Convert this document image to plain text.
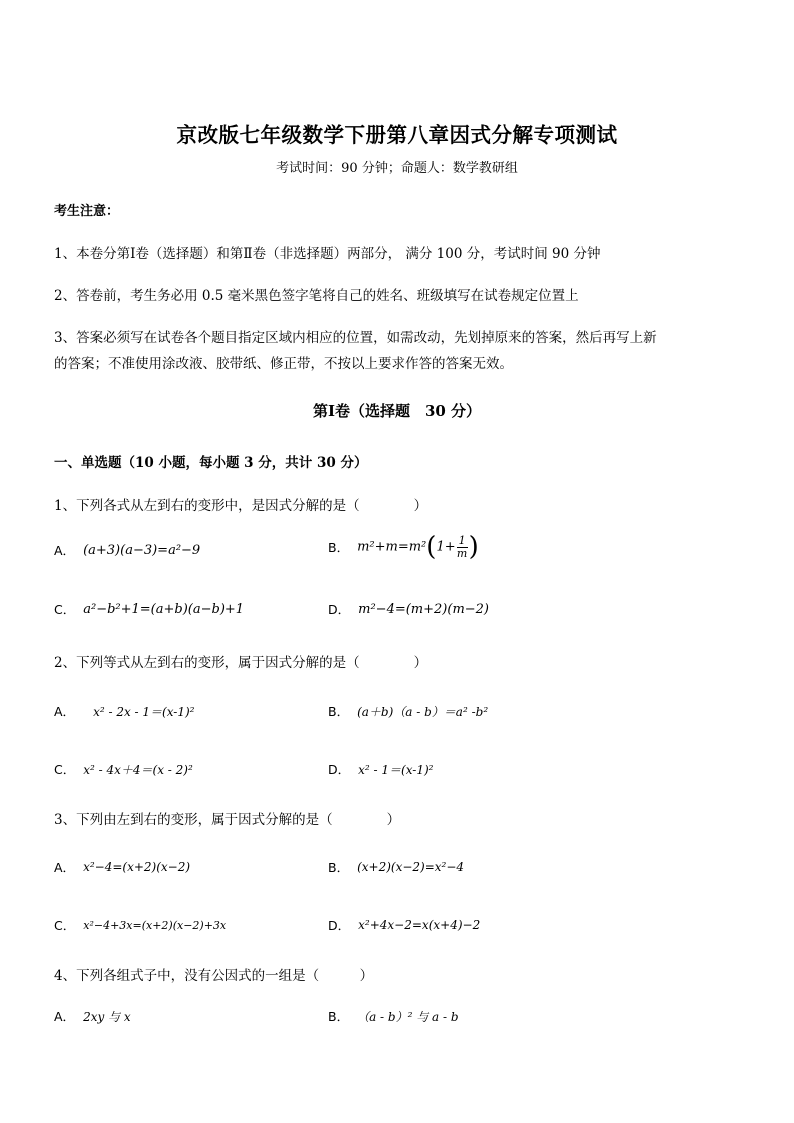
京改版七年级数学下册第八章因式分解专项测试
考试时间：90 分钟；命题人：数学教研组
考生注意：
1、本卷分第Ⅰ卷（选择题）和第Ⅱ卷（非选择题）两部分， 满分 100 分，考试时间 90 分钟
2、答卷前，考生务必用 0.5 毫米黑色签字笔将自己的姓名、班级填写在试卷规定位置上
3、答案必须写在试卷各个题目指定区域内相应的位置，如需改动，先划掉原来的答案，然后再写上新
的答案；不准使用涂改液、胶带纸、修正带，不按以上要求作答的答案无效。
第Ⅰ卷（选择题　30 分）
一、单选题（10 小题，每小题 3 分，共计 30 分）
1、下列各式从左到右的变形中，是因式分解的是（　　　　）
A． (a+3)(a−3)=a²−9	B． $m^2+m=m^2(1+ \frac{1}{m}$ )
C． a²−b²+1=(a+b)(a−b)+1	D． m²−4=(m+2)(m−2)
2、下列等式从左到右的变形，属于因式分解的是（　　　　）
A． x² - 2x - 1＝(x-1)²	B． (a＋b)（a - b）＝a² -b²
C． x² - 4x＋4＝(x - 2)²	D． x² - 1＝(x-1)²
3、下列由左到右的变形，属于因式分解的是（　　　　）
A． x²−4=(x+2)(x−2)	B． (x+2)(x−2)=x²−4
C． x²−4+3x=(x+2)(x−2)+3x	D． x²+4x−2=x(x+4)−2
4、下列各组式子中，没有公因式的一组是（　　　）
A． 2xy 与 x	B． （a - b）² 与 a - b
